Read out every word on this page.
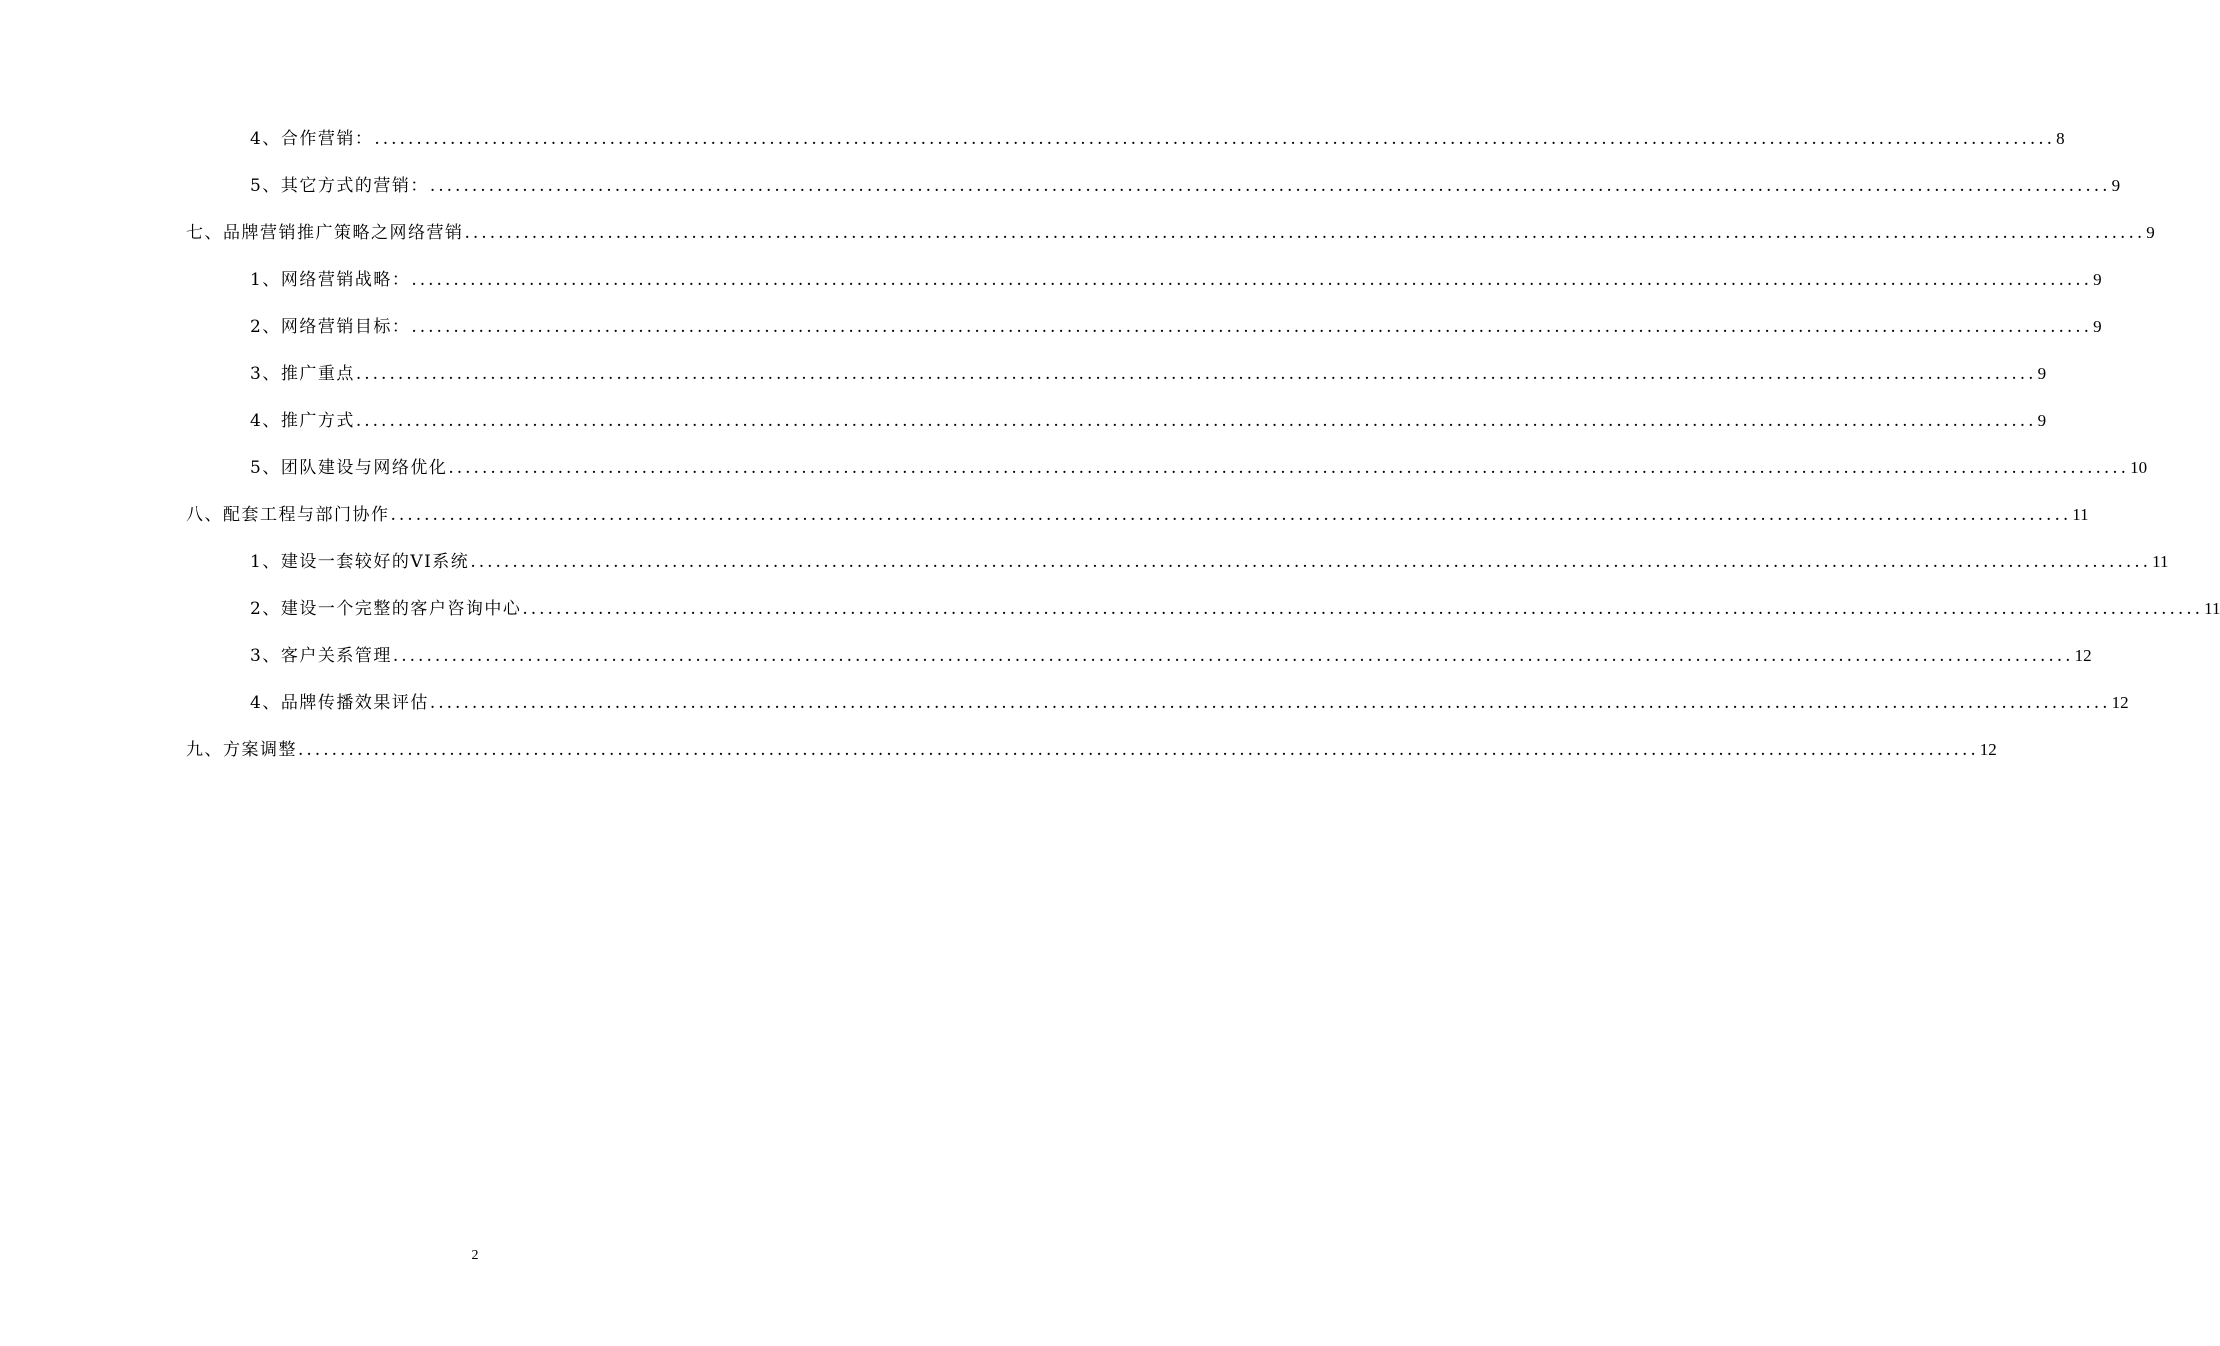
4、合作营销： ........................................................................................................................................................................................................ 8
5、其它方式的营销： ........................................................................................................................................................................................................ 9
七、品牌营销推广策略之网络营销 ........................................................................................................................................................................................................ 9
1、网络营销战略： ........................................................................................................................................................................................................ 9
2、网络营销目标： ........................................................................................................................................................................................................ 9
3、推广重点 ........................................................................................................................................................................................................ 9
4、推广方式 ........................................................................................................................................................................................................ 9
5、团队建设与网络优化 ........................................................................................................................................................................................................ 10
八、配套工程与部门协作 ........................................................................................................................................................................................................ 11
1、建设一套较好的VI系统 ........................................................................................................................................................................................................ 11
2、建设一个完整的客户咨询中心 ........................................................................................................................................................................................................ 11
3、客户关系管理 ........................................................................................................................................................................................................ 12
4、品牌传播效果评估 ........................................................................................................................................................................................................ 12
九、方案调整 ........................................................................................................................................................................................................ 12
2
